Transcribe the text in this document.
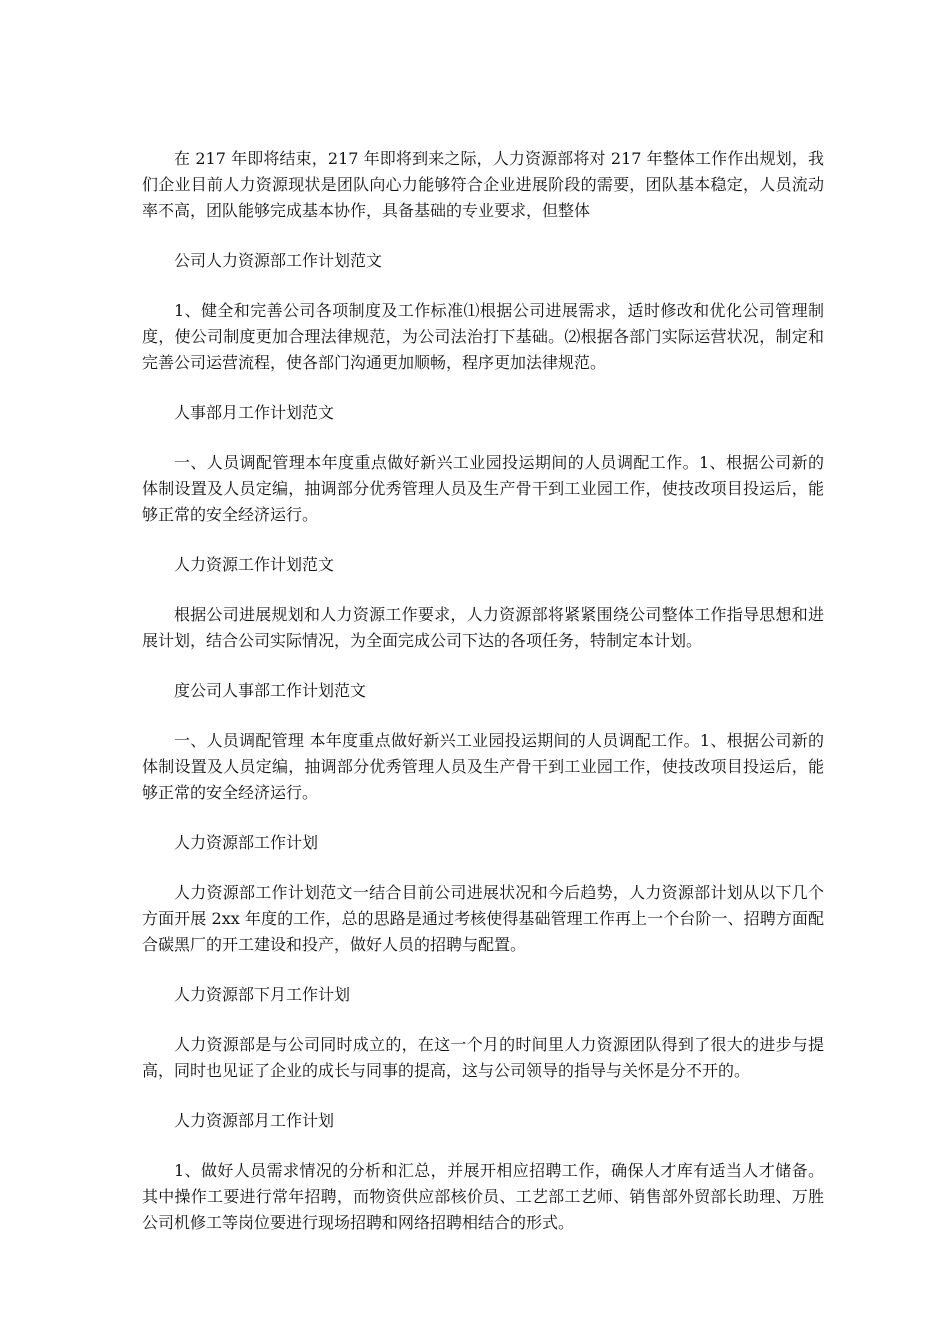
在 217 年即将结束，217 年即将到来之际，人力资源部将对 217 年整体工作作出规划，我们企业目前人力资源现状是团队向心力能够符合企业进展阶段的需要，团队基本稳定，人员流动率不高，团队能够完成基本协作，具备基础的专业要求，但整体

公司人力资源部工作计划范文

1、健全和完善公司各项制度及工作标准⑴根据公司进展需求，适时修改和优化公司管理制度，使公司制度更加合理法律规范，为公司法治打下基础。⑵根据各部门实际运营状况，制定和完善公司运营流程，使各部门沟通更加顺畅，程序更加法律规范。

人事部月工作计划范文

一、人员调配管理本年度重点做好新兴工业园投运期间的人员调配工作。1、根据公司新的体制设置及人员定编，抽调部分优秀管理人员及生产骨干到工业园工作，使技改项目投运后，能够正常的安全经济运行。

人力资源工作计划范文

根据公司进展规划和人力资源工作要求，人力资源部将紧紧围绕公司整体工作指导思想和进展计划，结合公司实际情况，为全面完成公司下达的各项任务，特制定本计划。

度公司人事部工作计划范文

一、人员调配管理 本年度重点做好新兴工业园投运期间的人员调配工作。1、根据公司新的体制设置及人员定编，抽调部分优秀管理人员及生产骨干到工业园工作，使技改项目投运后，能够正常的安全经济运行。

人力资源部工作计划

人力资源部工作计划范文一结合目前公司进展状况和今后趋势，人力资源部计划从以下几个方面开展 2xx 年度的工作，总的思路是通过考核使得基础管理工作再上一个台阶一、招聘方面配合碳黑厂的开工建设和投产，做好人员的招聘与配置。

人力资源部下月工作计划

人力资源部是与公司同时成立的，在这一个月的时间里人力资源团队得到了很大的进步与提高，同时也见证了企业的成长与同事的提高，这与公司领导的指导与关怀是分不开的。

人力资源部月工作计划

1、做好人员需求情况的分析和汇总，并展开相应招聘工作，确保人才库有适当人才储备。其中操作工要进行常年招聘，而物资供应部核价员、工艺部工艺师、销售部外贸部长助理、万胜公司机修工等岗位要进行现场招聘和网络招聘相结合的形式。
